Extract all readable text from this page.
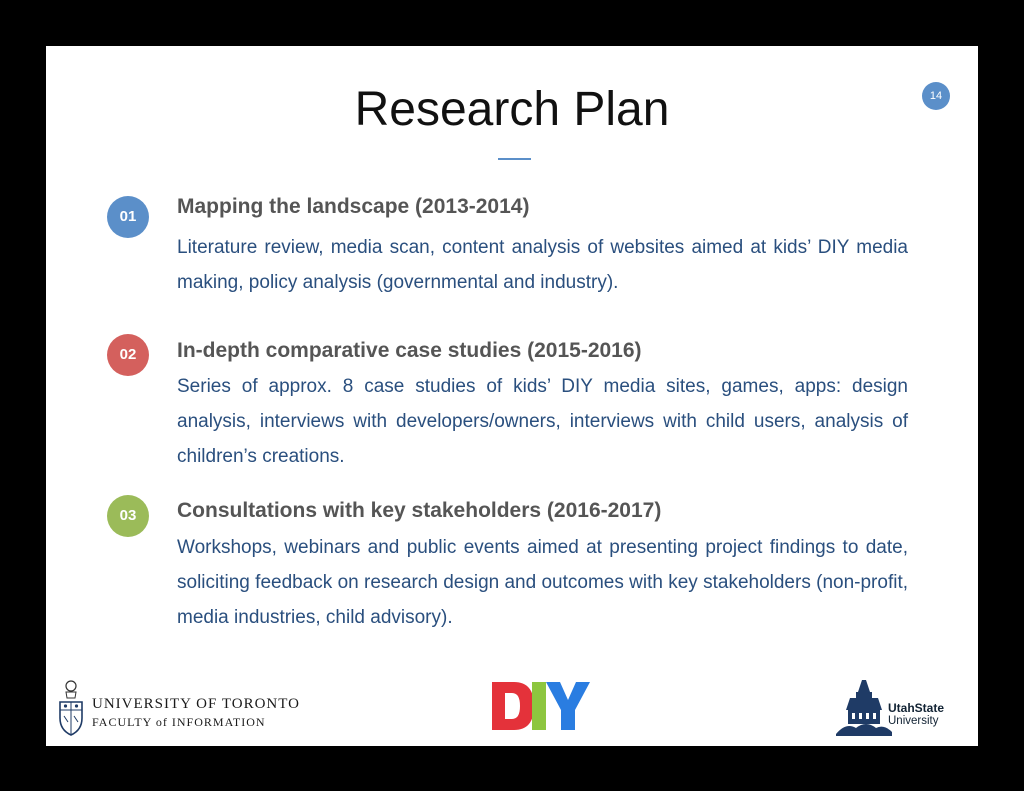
Research Plan	14
01	Mapping the landscape (2013-2014)
Literature review, media scan, content analysis of websites aimed at kids’ DIY media making, policy analysis (governmental and industry).
02	In-depth comparative case studies (2015-2016)
Series of approx. 8 case studies of kids’ DIY media sites, games, apps: design analysis, interviews with developers/owners, interviews with child users, analysis of children’s creations.
03	Consultations with key stakeholders (2016-2017)
Workshops, webinars and public events aimed at presenting project findings to date, soliciting feedback on research design and outcomes with key stakeholders (non-profit, media industries, child advisory).
UNIVERSITY OF TORONTO
FACULTY of INFORMATION
UtahState
University
